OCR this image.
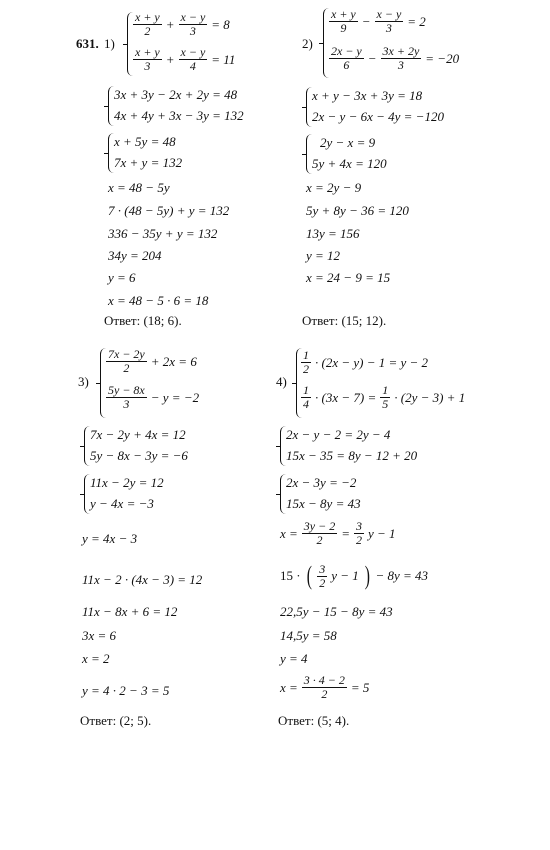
631. 1)
$\frac{x + y}{2} + \frac{x - y}{3} = 8$
$\frac{x + y}{3} + \frac{x - y}{4} = 11$
3x + 3y − 2x + 2y = 48
4x + 4y + 3x − 3y = 132
x + 5y = 48
7x + y = 132
x = 48 − 5y
7 · (48 − 5y) + y = 132
336 − 35y + y = 132
34y = 204
y = 6
x = 48 − 5 · 6 = 18
Ответ: (18; 6).
2)
$\frac{x + y}{9} - \frac{x - y}{3} = 2$
$\frac{2x - y}{6} - \frac{3x + 2y}{3} = -20$
x + y − 3x + 3y = 18
2x − y − 6x − 4y = −120
2y − x = 9
5y + 4x = 120
x = 2y − 9
5y + 8y − 36 = 120
13y = 156
y = 12
x = 24 − 9 = 15
Ответ: (15; 12).
3)
$\frac{7x - 2y}{2} + 2x = 6$
$\frac{5y - 8x}{3} - y = -2$
7x − 2y + 4x = 12
5y − 8x − 3y = −6
11x − 2y = 12
y − 4x = −3
y = 4x − 3
11x − 2 · (4x − 3) = 12
11x − 8x + 6 = 12
3x = 6
x = 2
y = 4 · 2 − 3 = 5
Ответ: (2; 5).
4)
$\frac{1}{2} \cdot (2x - y) - 1 = y - 2$
$\frac{1}{4} \cdot (3x - 7) = \frac{1}{5} \cdot (2y - 3) + 1$
2x − y − 2 = 2y − 4
15x − 35 = 8y − 12 + 20
2x − 3y = −2
15x − 8y = 43
$x = \frac{3y - 2}{2} = \frac{3}{2}$ y − 1
15 · ( $\frac{3}{2}$ y − 1 ) − 8y = 43
22,5y − 15 − 8y = 43
14,5y = 58
y = 4
$x = \frac{3 \cdot 4 - 2}{2} = 5$
Ответ: (5; 4).
